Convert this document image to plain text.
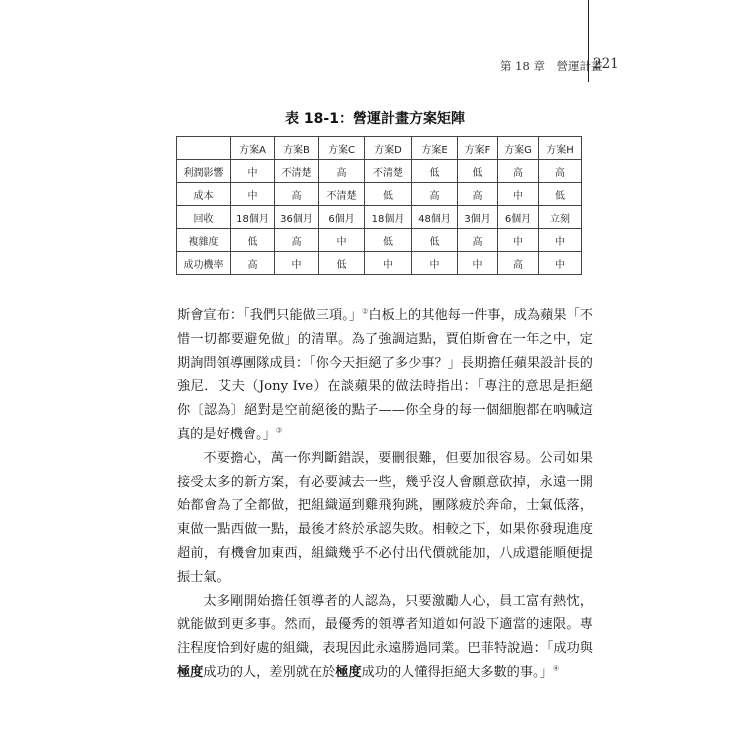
第 18 章　營運計畫
221
表 18-1：營運計畫方案矩陣
	方案A	方案B	方案C	方案D	方案E	方案F	方案G	方案H
利潤影響	中	不清楚	高	不清楚	低	低	高	高
成本	中	高	不清楚	低	高	高	中	低
回收	18個月	36個月	6個月	18個月	48個月	3個月	6個月	立刻
複雜度	低	高	中	低	低	高	中	中
成功機率	高	中	低	中	中	中	高	中

斯會宣布：「我們只能做三項。」②白板上的其他每一件事，成為蘋果「不惜一切都要避免做」的清單。為了強調這點，賈伯斯會在一年之中，定期詢問領導團隊成員：「你今天拒絕了多少事？」長期擔任蘋果設計長的強尼．艾夫（Jony Ive）在談蘋果的做法時指出：「專注的意思是拒絕你〔認為〕絕對是空前絕後的點子——你全身的每一個細胞都在吶喊這真的是好機會。」③

不要擔心，萬一你判斷錯誤，要刪很難，但要加很容易。公司如果接受太多的新方案，有必要減去一些，幾乎沒人會願意砍掉，永遠一開始都會為了全都做，把組織逼到雞飛狗跳，團隊疲於奔命，士氣低落，東做一點西做一點，最後才終於承認失敗。相較之下，如果你發現進度超前，有機會加東西，組織幾乎不必付出代價就能加，八成還能順便提振士氣。

太多剛開始擔任領導者的人認為，只要激勵人心，員工富有熱忱，就能做到更多事。然而，最優秀的領導者知道如何設下適當的速限。專注程度恰到好處的組織，表現因此永遠勝過同業。巴菲特說過：「成功與極度成功的人，差別就在於極度成功的人懂得拒絕大多數的事。」④
